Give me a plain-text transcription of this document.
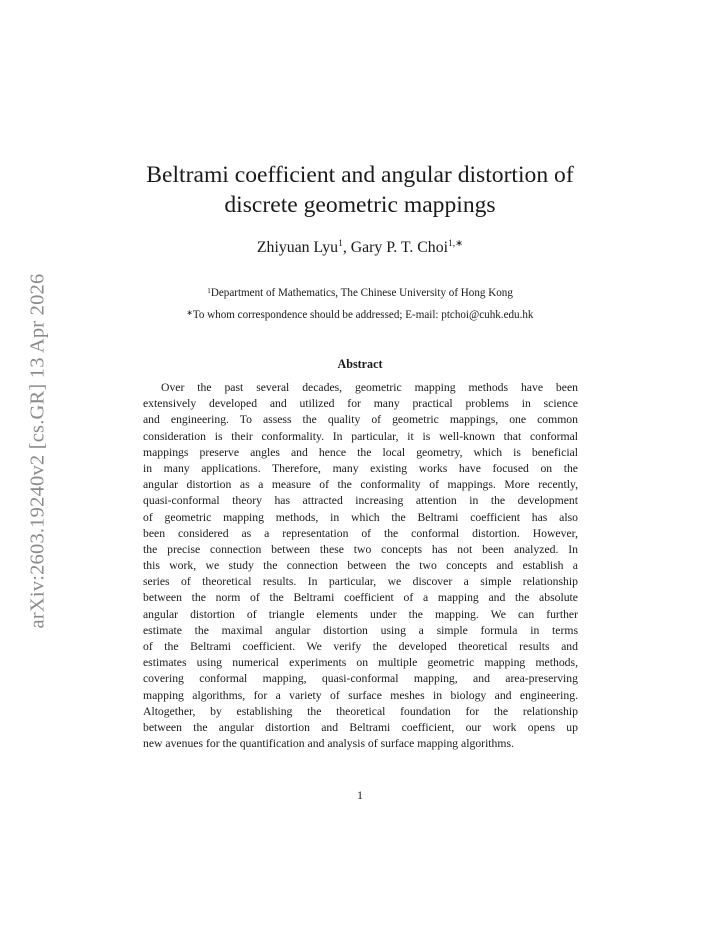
arXiv:2603.19240v2 [cs.GR] 13 Apr 2026
Beltrami coefficient and angular distortion of
discrete geometric mappings
Zhiyuan Lyu$^1$, Gary P. T. Choi$^{1,∗}$
$^1$Department of Mathematics, The Chinese University of Hong Kong
∗To whom correspondence should be addressed; E-mail: ptchoi@cuhk.edu.hk
Abstract
Over the past several decades, geometric mapping methods have been
extensively developed and utilized for many practical problems in science
and engineering. To assess the quality of geometric mappings, one common
consideration is their conformality. In particular, it is well-known that conformal
mappings preserve angles and hence the local geometry, which is beneficial
in many applications. Therefore, many existing works have focused on the
angular distortion as a measure of the conformality of mappings. More recently,
quasi-conformal theory has attracted increasing attention in the development
of geometric mapping methods, in which the Beltrami coefficient has also
been considered as a representation of the conformal distortion. However,
the precise connection between these two concepts has not been analyzed. In
this work, we study the connection between the two concepts and establish a
series of theoretical results. In particular, we discover a simple relationship
between the norm of the Beltrami coefficient of a mapping and the absolute
angular distortion of triangle elements under the mapping. We can further
estimate the maximal angular distortion using a simple formula in terms
of the Beltrami coefficient. We verify the developed theoretical results and
estimates using numerical experiments on multiple geometric mapping methods,
covering conformal mapping, quasi-conformal mapping, and area-preserving
mapping algorithms, for a variety of surface meshes in biology and engineering.
Altogether, by establishing the theoretical foundation for the relationship
between the angular distortion and Beltrami coefficient, our work opens up
new avenues for the quantification and analysis of surface mapping algorithms.
1
